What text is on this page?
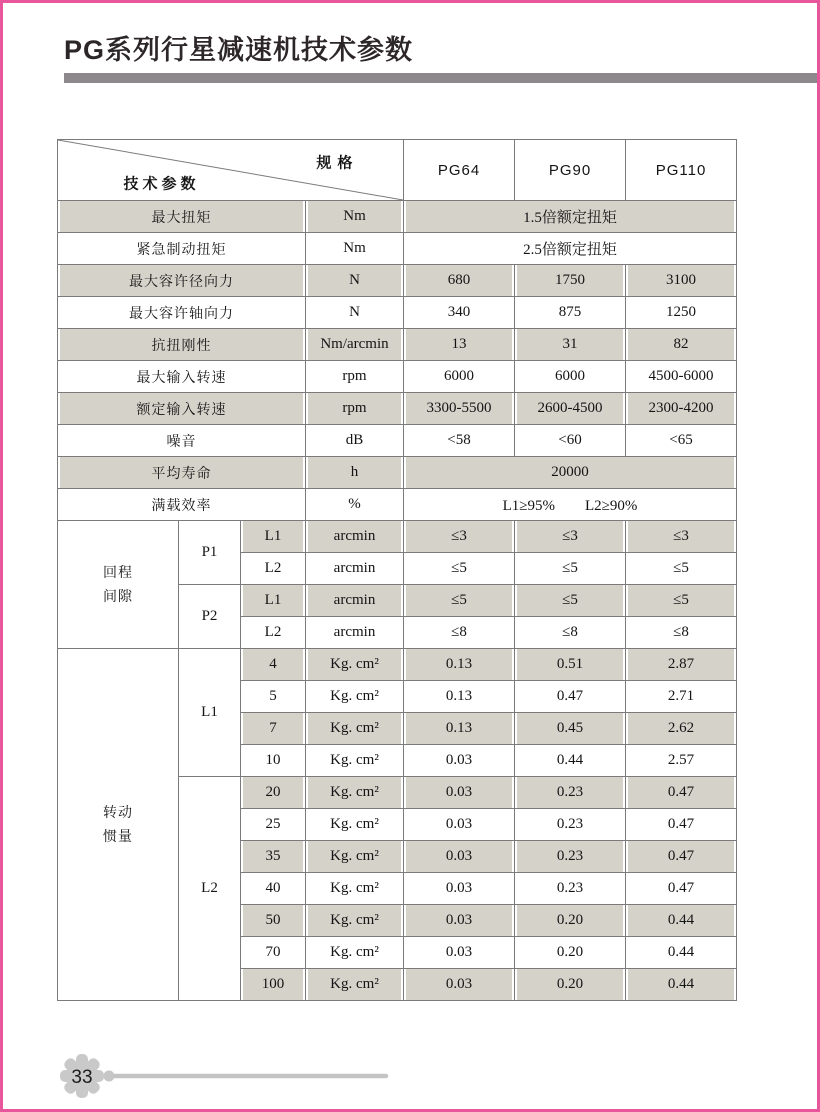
PG系列行星减速机技术参数
规格
技术参数				PG64	PG90	PG110
最大扭矩			Nm	1.5倍额定扭矩		
紧急制动扭矩			Nm	2.5倍额定扭矩		
最大容许径向力			N	680	1750	3100
最大容许轴向力			N	340	875	1250
抗扭刚性			Nm/arcmin	13	31	82
最大输入转速			rpm	6000	6000	4500-6000
额定输入转速			rpm	3300-5500	2600-4500	2300-4200
噪音			dB	<58	<60	<65
平均寿命			h	20000		
满载效率			%	L1≥95%　　L2≥90%		

回程
间隙	P1	L1	arcmin	≤3	≤3	≤3
		L2	arcmin	≤5	≤5	≤5
	P2	L1	arcmin	≤5	≤5	≤5
		L2	arcmin	≤8	≤8	≤8

转动
惯量	L1	4	Kg. cm²	0.13	0.51	2.87
		5	Kg. cm²	0.13	0.47	2.71
		7	Kg. cm²	0.13	0.45	2.62
		10	Kg. cm²	0.03	0.44	2.57
	L2	20	Kg. cm²	0.03	0.23	0.47
		25	Kg. cm²	0.03	0.23	0.47
		35	Kg. cm²	0.03	0.23	0.47
		40	Kg. cm²	0.03	0.23	0.47
		50	Kg. cm²	0.03	0.20	0.44
		70	Kg. cm²	0.03	0.20	0.44
		100	Kg. cm²	0.03	0.20	0.44
33
